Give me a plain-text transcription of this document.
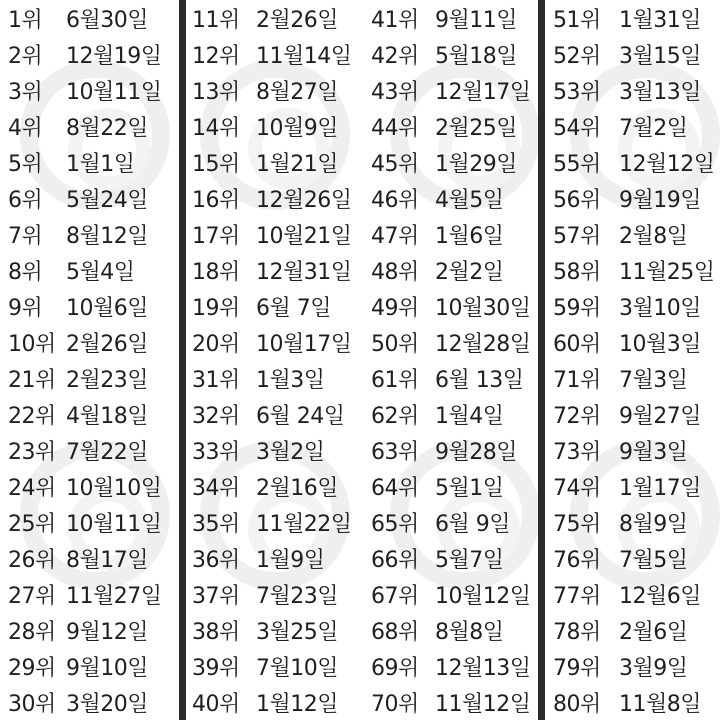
1위	6월30일
2위	12월19일
3위	10월11일
4위	8월22일
5위	1월1일
6위	5월24일
7위	8월12일
8위	5월4일
9위	10월6일
10위 2월26일
21위 2월23일
22위 4월18일
23위 7월22일
24위 10월10일
25위 10월11일
26위 8월17일
27위 11월27일
28위 9월12일
29위 9월10일
30위 3월20일
11위 2월26일
12위 11월14일
13위 8월27일
14위 10월9일
15위 1월21일
16위 12월26일
17위 10월21일
18위 12월31일
19위 6월 7일
20위 10월17일
31위 1월3일
32위 6월 24일
33위 3월2일
34위 2월16일
35위 11월22일
36위 1월9일
37위 7월23일
38위 3월25일
39위 7월10일
40위 1월12일
41위 9월11일
42위 5월18일
43위 12월17일
44위 2월25일
45위 1월29일
46위 4월5일
47위 1월6일
48위 2월2일
49위 10월30일
50위 12월28일
61위 6월 13일
62위 1월4일
63위 9월28일
64위 5월1일
65위 6월 9일
66위 5월7일
67위 10월12일
68위 8월8일
69위 12월13일
70위 11월12일
51위 1월31일
52위 3월15일
53위 3월13일
54위 7월2일
55위 12월12일
56위 9월19일
57위 2월8일
58위 11월25일
59위 3월10일
60위 10월3일
71위 7월3일
72위 9월27일
73위 9월3일
74위 1월17일
75위 8월9일
76위 7월5일
77위 12월6일
78위 2월6일
79위 3월9일
80위 11월8일
